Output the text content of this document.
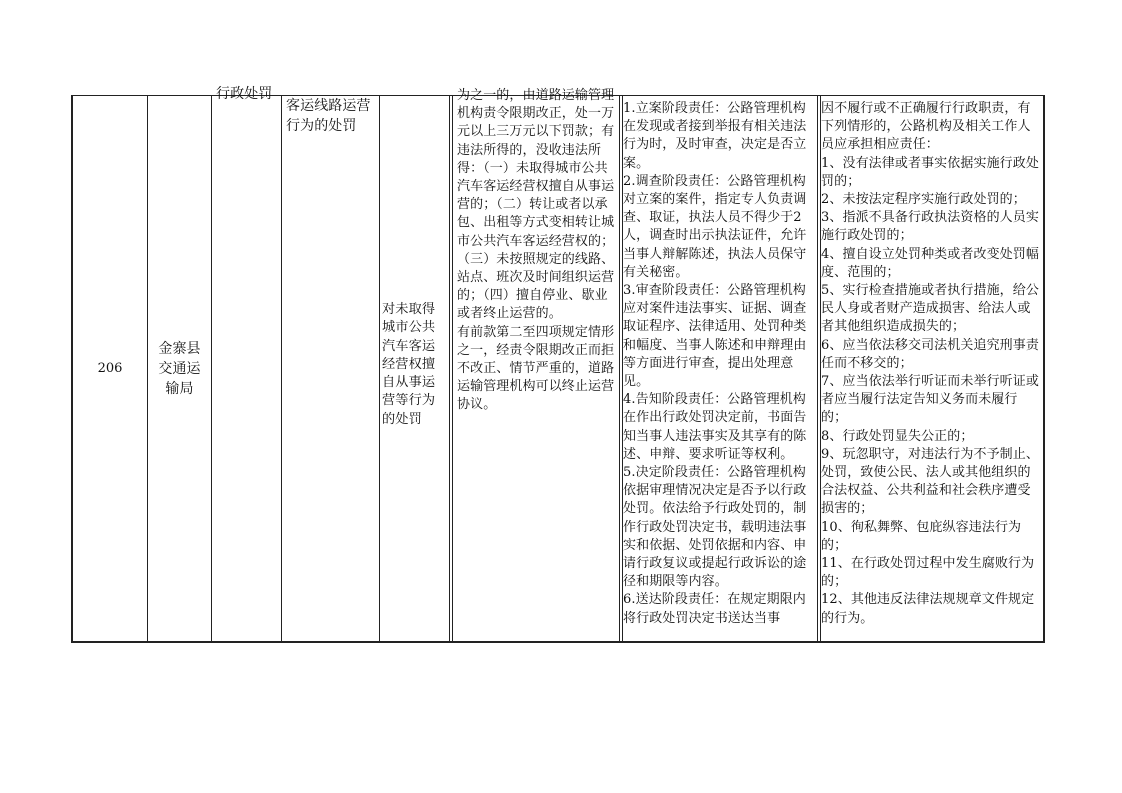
206
金寨县交通运输局
行政处罚
客运线路运营行为的处罚
对未取得城市公共汽车客运经营权擅自从事运营等行为的处罚

为之一的，由道路运输管理机构责令限期改正，处一万元以上三万元以下罚款；有违法所得的，没收违法所得：（一）未取得城市公共汽车客运经营权擅自从事运营的；（二）转让或者以承包、出租等方式变相转让城市公共汽车客运经营权的；（三）未按照规定的线路、站点、班次及时间组织运营的；（四）擅自停业、歇业或者终止运营的。

有前款第二至四项规定情形之一，经责令限期改正而拒不改正、情节严重的，道路运输管理机构可以终止运营协议。

1.立案阶段责任：公路管理机构在发现或者接到举报有相关违法行为时，及时审查，决定是否立案。

2.调查阶段责任：公路管理机构对立案的案件，指定专人负责调查、取证，执法人员不得少于2人，调查时出示执法证件，允许当事人辩解陈述，执法人员保守有关秘密。

3.审查阶段责任：公路管理机构应对案件违法事实、证据、调查取证程序、法律适用、处罚种类和幅度、当事人陈述和申辩理由等方面进行审查，提出处理意见。

4.告知阶段责任：公路管理机构在作出行政处罚决定前，书面告知当事人违法事实及其享有的陈述、申辩、要求听证等权利。

5.决定阶段责任：公路管理机构依据审理情况决定是否予以行政处罚。依法给予行政处罚的，制作行政处罚决定书，载明违法事实和依据、处罚依据和内容、申请行政复议或提起行政诉讼的途径和期限等内容。

6.送达阶段责任：在规定期限内将行政处罚决定书送达当事

因不履行或不正确履行行政职责，有下列情形的，公路机构及相关工作人员应承担相应责任：

1、没有法律或者事实依据实施行政处罚的；

2、未按法定程序实施行政处罚的；

3、指派不具备行政执法资格的人员实施行政处罚的；

4、擅自设立处罚种类或者改变处罚幅度、范围的；

5、实行检查措施或者执行措施，给公民人身或者财产造成损害、给法人或者其他组织造成损失的；

6、应当依法移交司法机关追究刑事责任而不移交的；

7、应当依法举行听证而未举行听证或者应当履行法定告知义务而未履行的；

8、行政处罚显失公正的；

9、玩忽职守，对违法行为不予制止、处罚，致使公民、法人或其他组织的合法权益、公共利益和社会秩序遭受损害的；

10、徇私舞弊、包庇纵容违法行为的；

11、在行政处罚过程中发生腐败行为的；

12、其他违反法律法规规章文件规定的行为。
